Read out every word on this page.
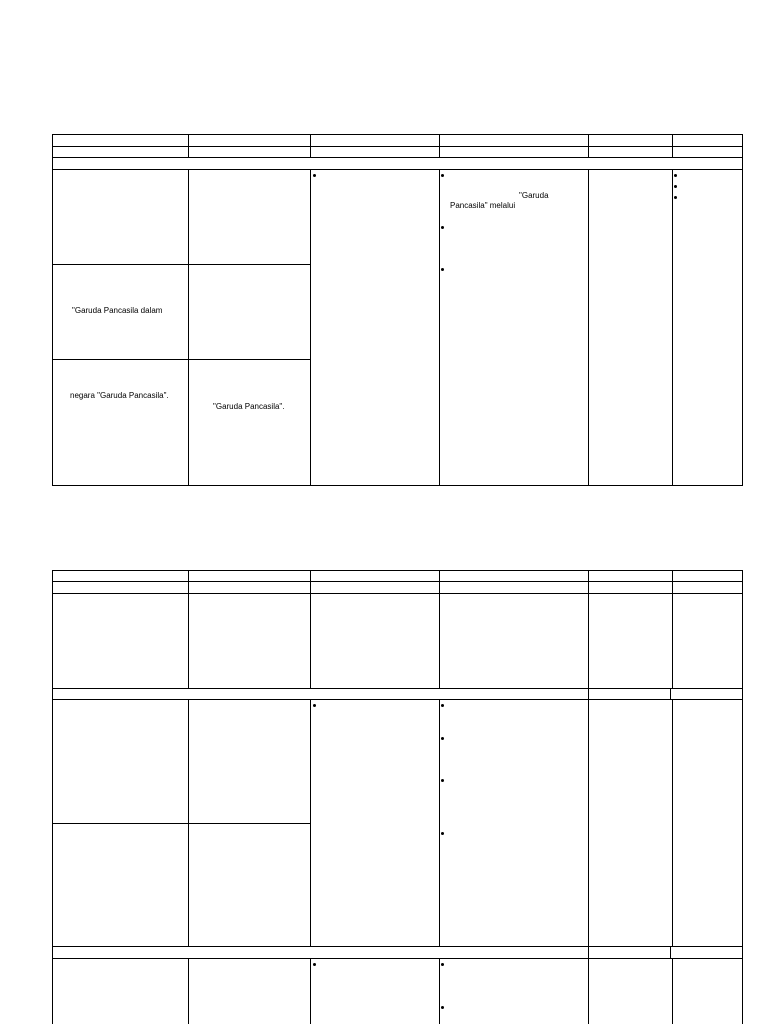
"Garuda Pancasila dalam
negara "Garuda Pancasila".
"Garuda Pancasila".
"Garuda
Pancasila" melalui
